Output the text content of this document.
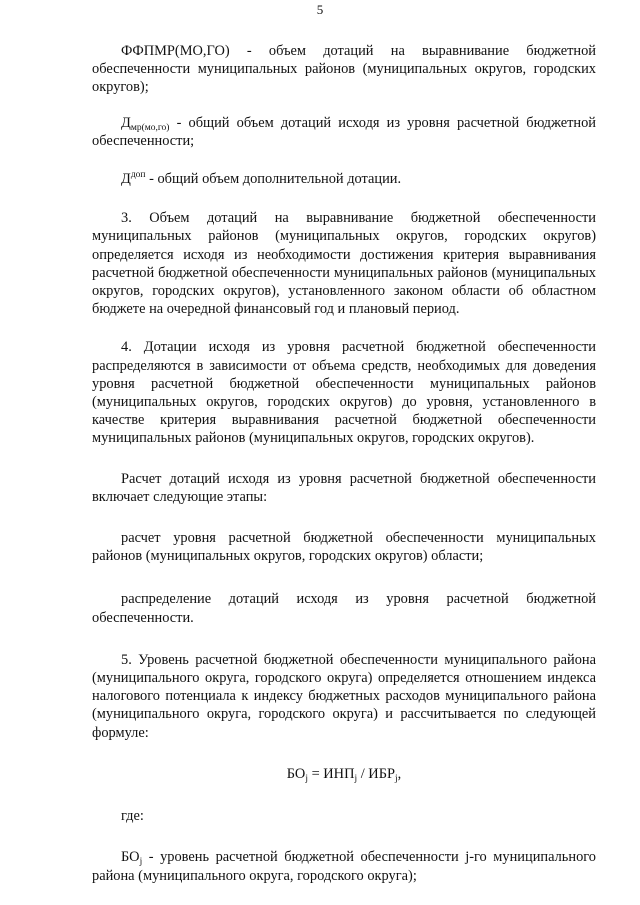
5

ФФПМР(МО,ГО) - объем дотаций на выравнивание бюджетной обеспеченности муниципальных районов (муниципальных округов, городских округов);

$Д_{мр(мо,го)}$ - общий объем дотаций исходя из уровня расчетной бюджетной обеспеченности;

$Д^{доп}$ - общий объем дополнительной дотации.

3. Объем дотаций на выравнивание бюджетной обеспеченности муниципальных районов (муниципальных округов, городских округов) определяется исходя из необходимости достижения критерия выравнивания расчетной бюджетной обеспеченности муниципальных районов (муниципальных округов, городских округов), установленного законом области об областном бюджете на очередной финансовый год и плановый период.

4. Дотации исходя из уровня расчетной бюджетной обеспеченности распределяются в зависимости от объема средств, необходимых для доведения уровня расчетной бюджетной обеспеченности муниципальных районов (муниципальных округов, городских округов) до уровня, установленного в качестве критерия выравнивания расчетной бюджетной обеспеченности муниципальных районов (муниципальных округов, городских округов).

Расчет дотаций исходя из уровня расчетной бюджетной обеспеченности включает следующие этапы:

расчет уровня расчетной бюджетной обеспеченности муниципальных районов (муниципальных округов, городских округов) области;

распределение дотаций исходя из уровня расчетной бюджетной обеспеченности.

5. Уровень расчетной бюджетной обеспеченности муниципального района (муниципального округа, городского округа) определяется отношением индекса налогового потенциала к индексу бюджетных расходов муниципального района (муниципального округа, городского округа) и рассчитывается по следующей формуле:

$БО_j = ИНП_j / ИБР_j$,

где:

$БО_j$ - уровень расчетной бюджетной обеспеченности j-го муниципального района (муниципального округа, городского округа);
